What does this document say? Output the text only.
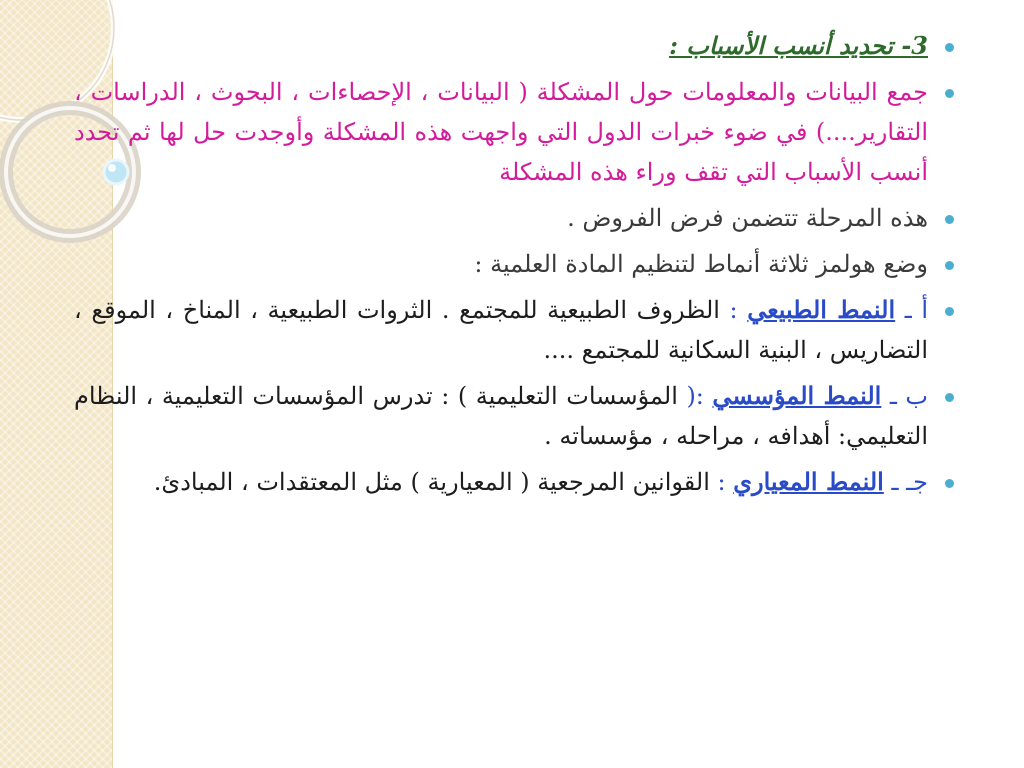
3- تحديد أنسب الأسباب :
جمع البيانات والمعلومات حول المشكلة ( البيانات ، الإحصاءات ، البحوث ، الدراسات ، التقارير....) في ضوء خبرات الدول التي واجهت هذه المشكلة وأوجدت حل لها ثم تحدد أنسب الأسباب التي تقف وراء هذه المشكلة
هذه المرحلة تتضمن فرض الفروض .
وضع هولمز ثلاثة أنماط لتنظيم المادة العلمية :
أ ـ النمط الطبيعي : الظروف الطبيعية للمجتمع . الثروات الطبيعية ، المناخ ، الموقع ، التضاريس ، البنية السكانية للمجتمع ....
ب ـ النمط المؤسسي :( المؤسسات التعليمية ) : تدرس المؤسسات التعليمية ، النظام التعليمي: أهدافه ، مراحله ، مؤسساته .
جـ ـ النمط المعياري : القوانين المرجعية ( المعيارية ) مثل المعتقدات ، المبادئ.
